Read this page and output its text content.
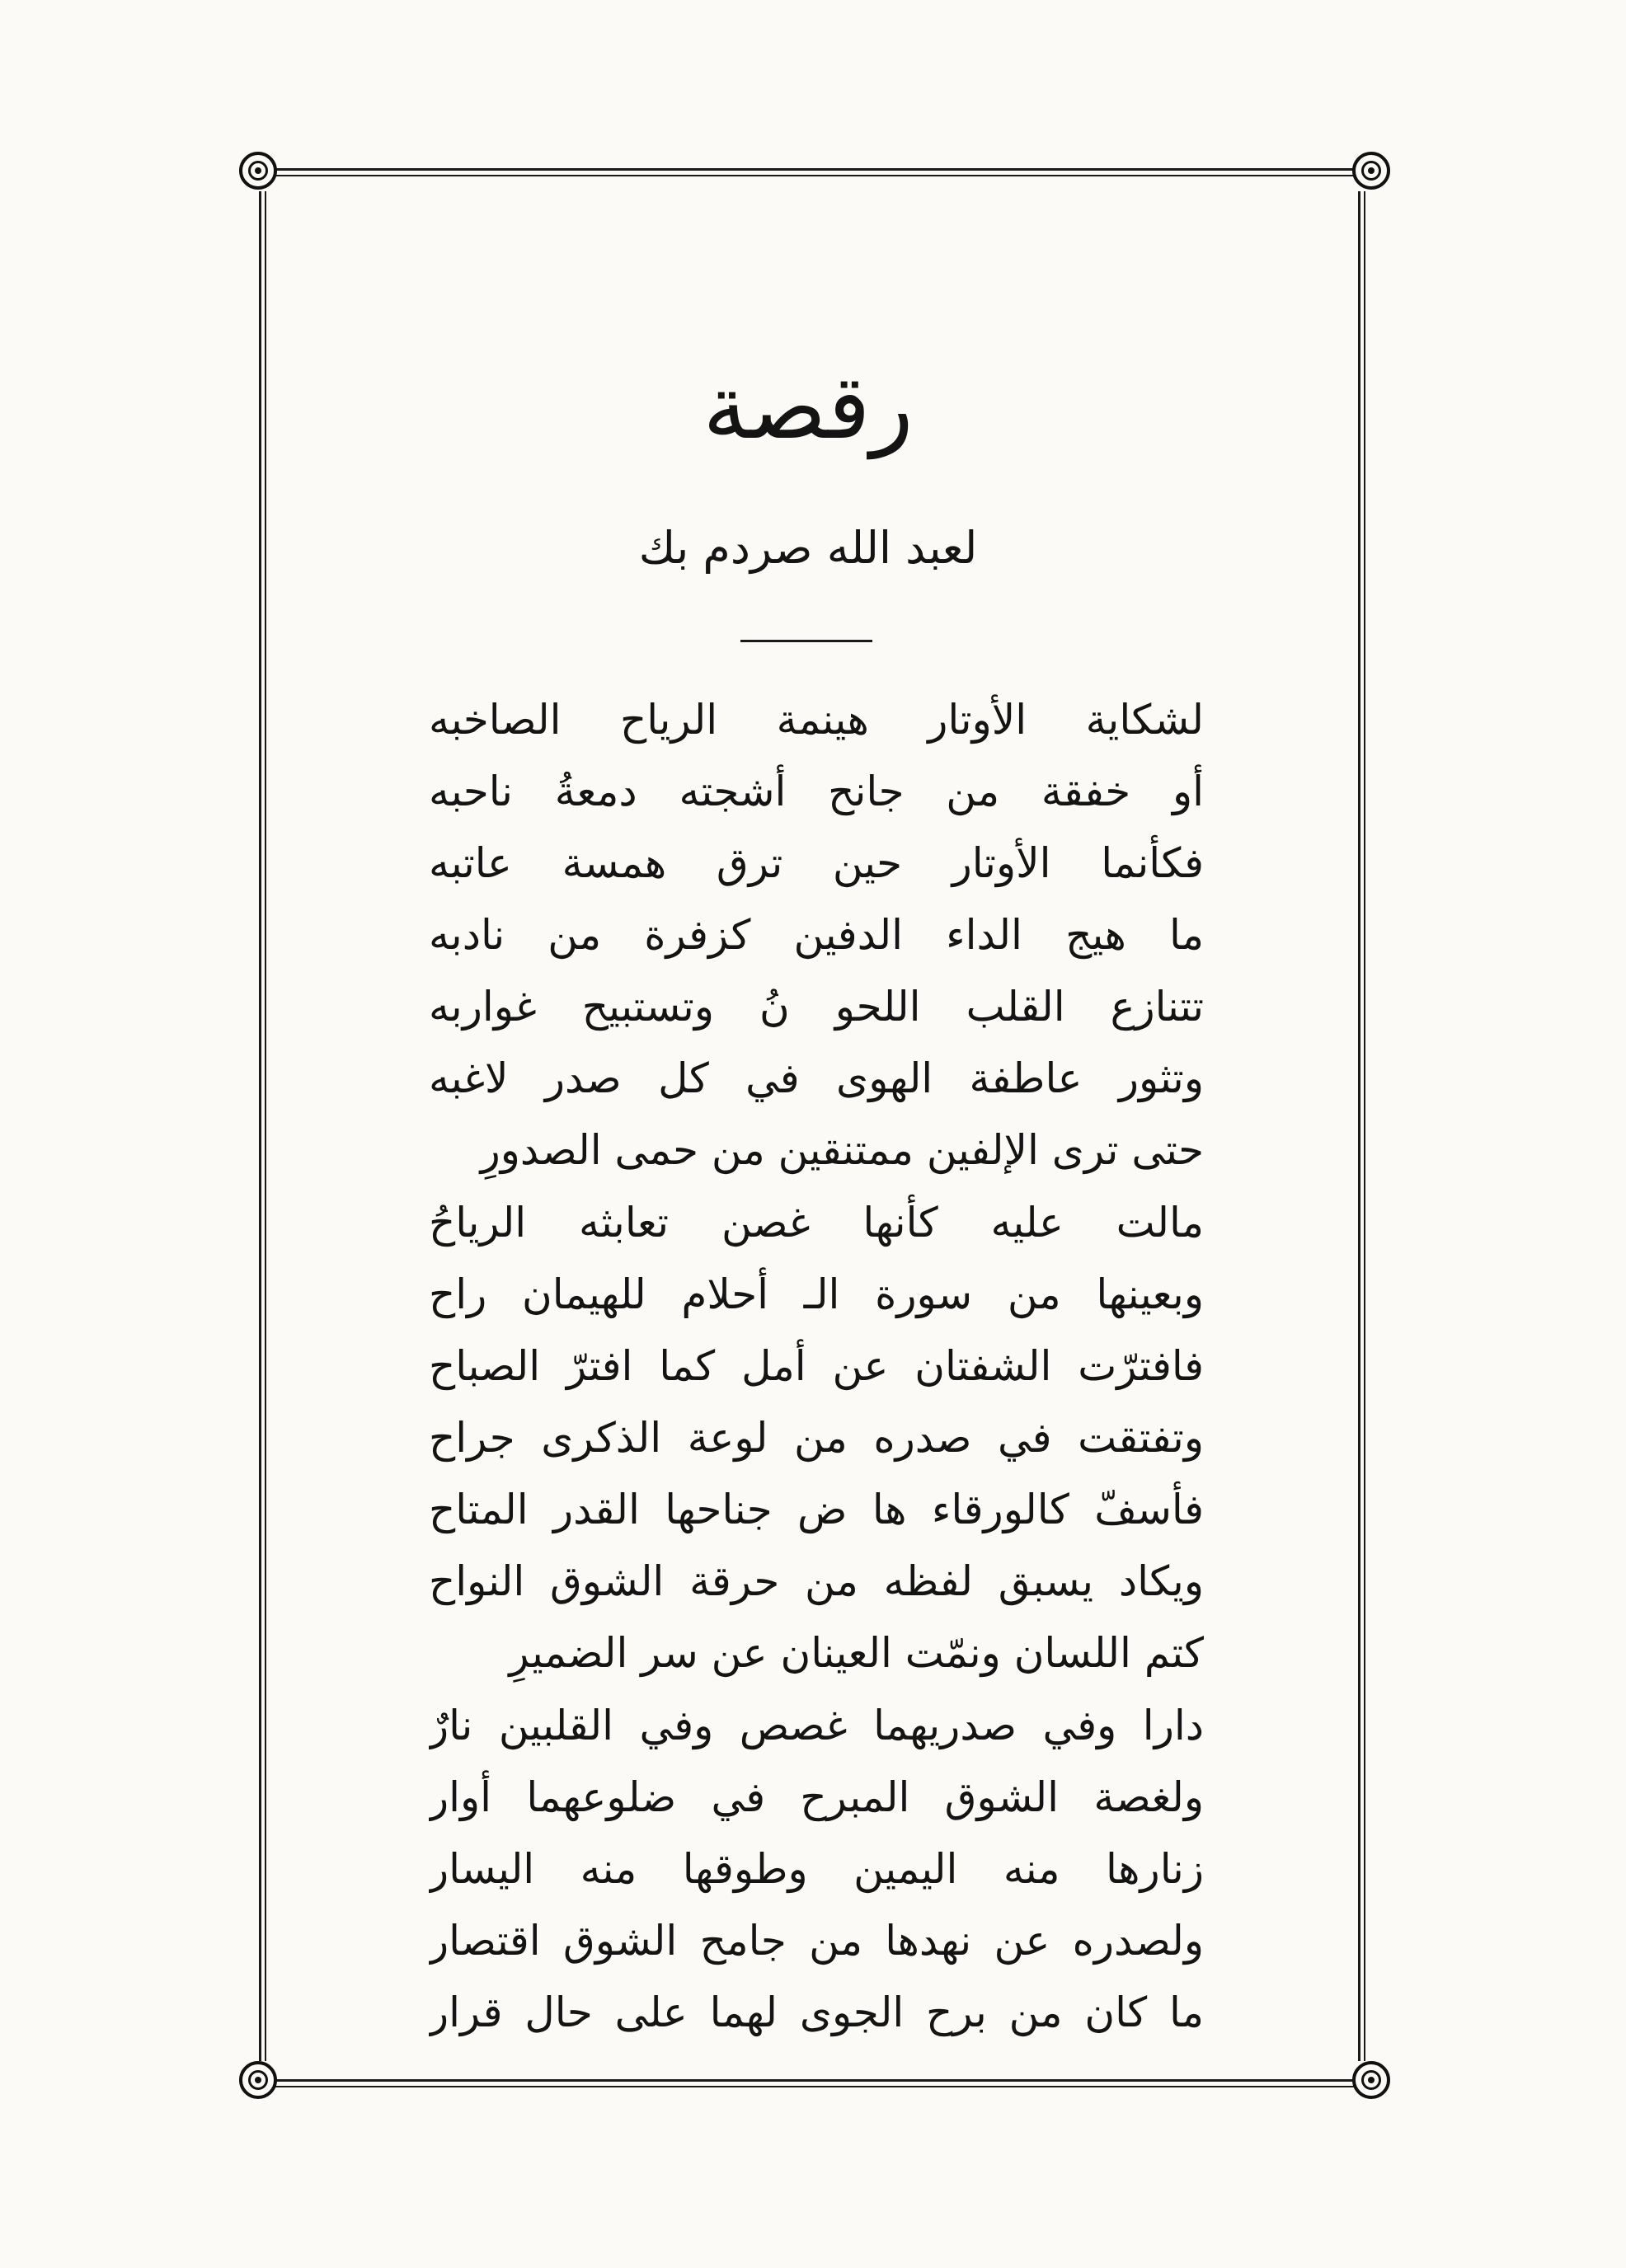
رقصة
لعبد الله صردم بك
لشكاية الأوتار هينمة الرياح الصاخبه
أو خفقة من جانح أشجته دمعةُ ناحبه
فكأنما الأوتار حين ترق همسة عاتبه
ما هيج الداء الدفين كزفرة من نادبه
تتنازع القلب اللحو نُ وتستبيح غواربه
وتثور عاطفة الهوى في كل صدر لاغبه
حتى ترى الإلفين ممتنقين من حمى الصدورِ
مالت عليه كأنها غصن تعابثه الرياحُ
وبعينها من سورة الـ أحلام للهيمان راح
فافترّت الشفتان عن أمل كما افترّ الصباح
وتفتقت في صدره من لوعة الذكرى جراح
فأسفّ كالورقاء ها ض جناحها القدر المتاح
ويكاد يسبق لفظه من حرقة الشوق النواح
كتم اللسان ونمّت العينان عن سر الضميرِ
دارا وفي صدريهما غصص وفي القلبين نارٌ
ولغصة الشوق المبرح في ضلوعهما أوار
زنارها منه اليمين وطوقها منه اليسار
ولصدره عن نهدها من جامح الشوق اقتصار
ما كان من برح الجوى لهما على حال قرار
